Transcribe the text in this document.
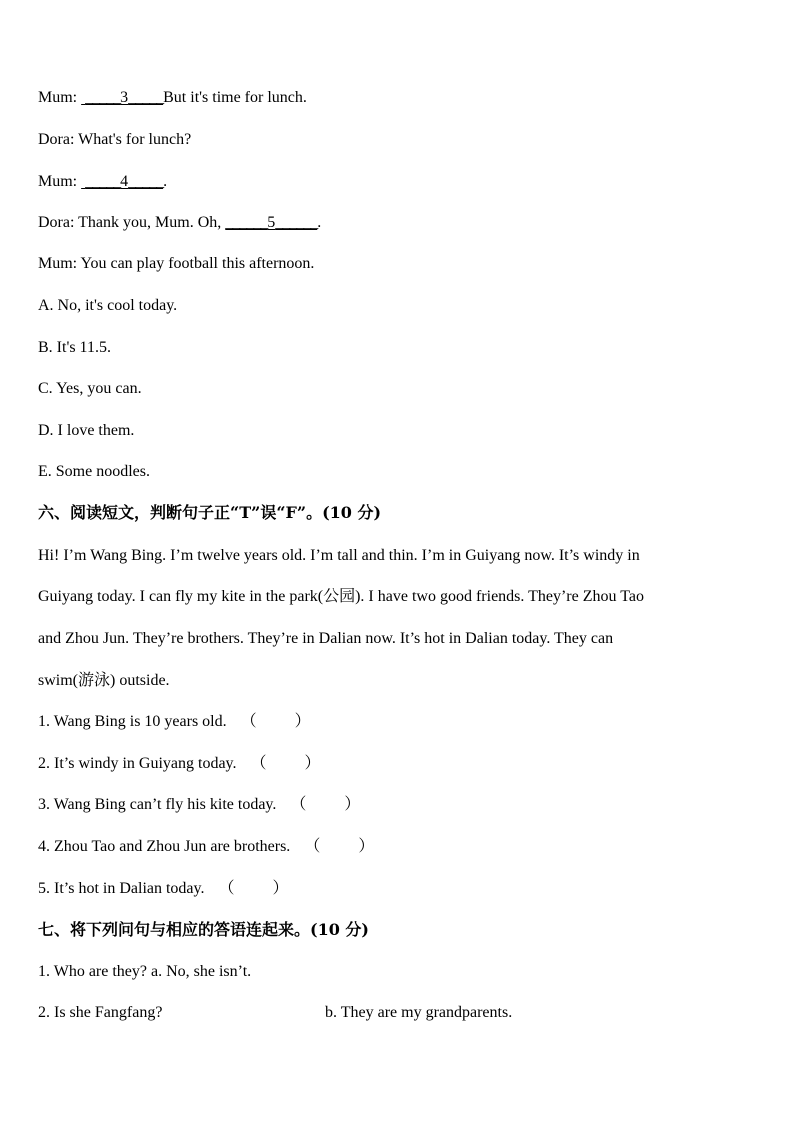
Mum: _____3_____But it's time for lunch.
Dora: What's for lunch?
Mum: _____4_____.
Dora: Thank you, Mum. Oh, ______5______.
Mum: You can play football this afternoon.
A. No, it's cool today.
B. It's 11.5.
C. Yes, you can.
D. I love them.
E. Some noodles.
六、阅读短文，判断句子正“T”误“F”。(10 分)
Hi! I’m Wang Bing. I’m twelve years old. I’m tall and thin. I’m in Guiyang now. It’s windy in
Guiyang today. I can fly my kite in the park(公园). I have two good friends. They’re Zhou Tao
and Zhou Jun. They’re brothers. They’re in Dalian now. It’s hot in Dalian today. They can
swim(游泳) outside.
1. Wang Bing is 10 years old. （ ）
2. It’s windy in Guiyang today. （ ）
3. Wang Bing can’t fly his kite today. （ ）
4. Zhou Tao and Zhou Jun are brothers. （ ）
5. It’s hot in Dalian today. （ ）
七、将下列问句与相应的答语连起来。(10 分)
1. Who are they? a. No, she isn’t.
2. Is she Fangfang?	b. They are my grandparents.
